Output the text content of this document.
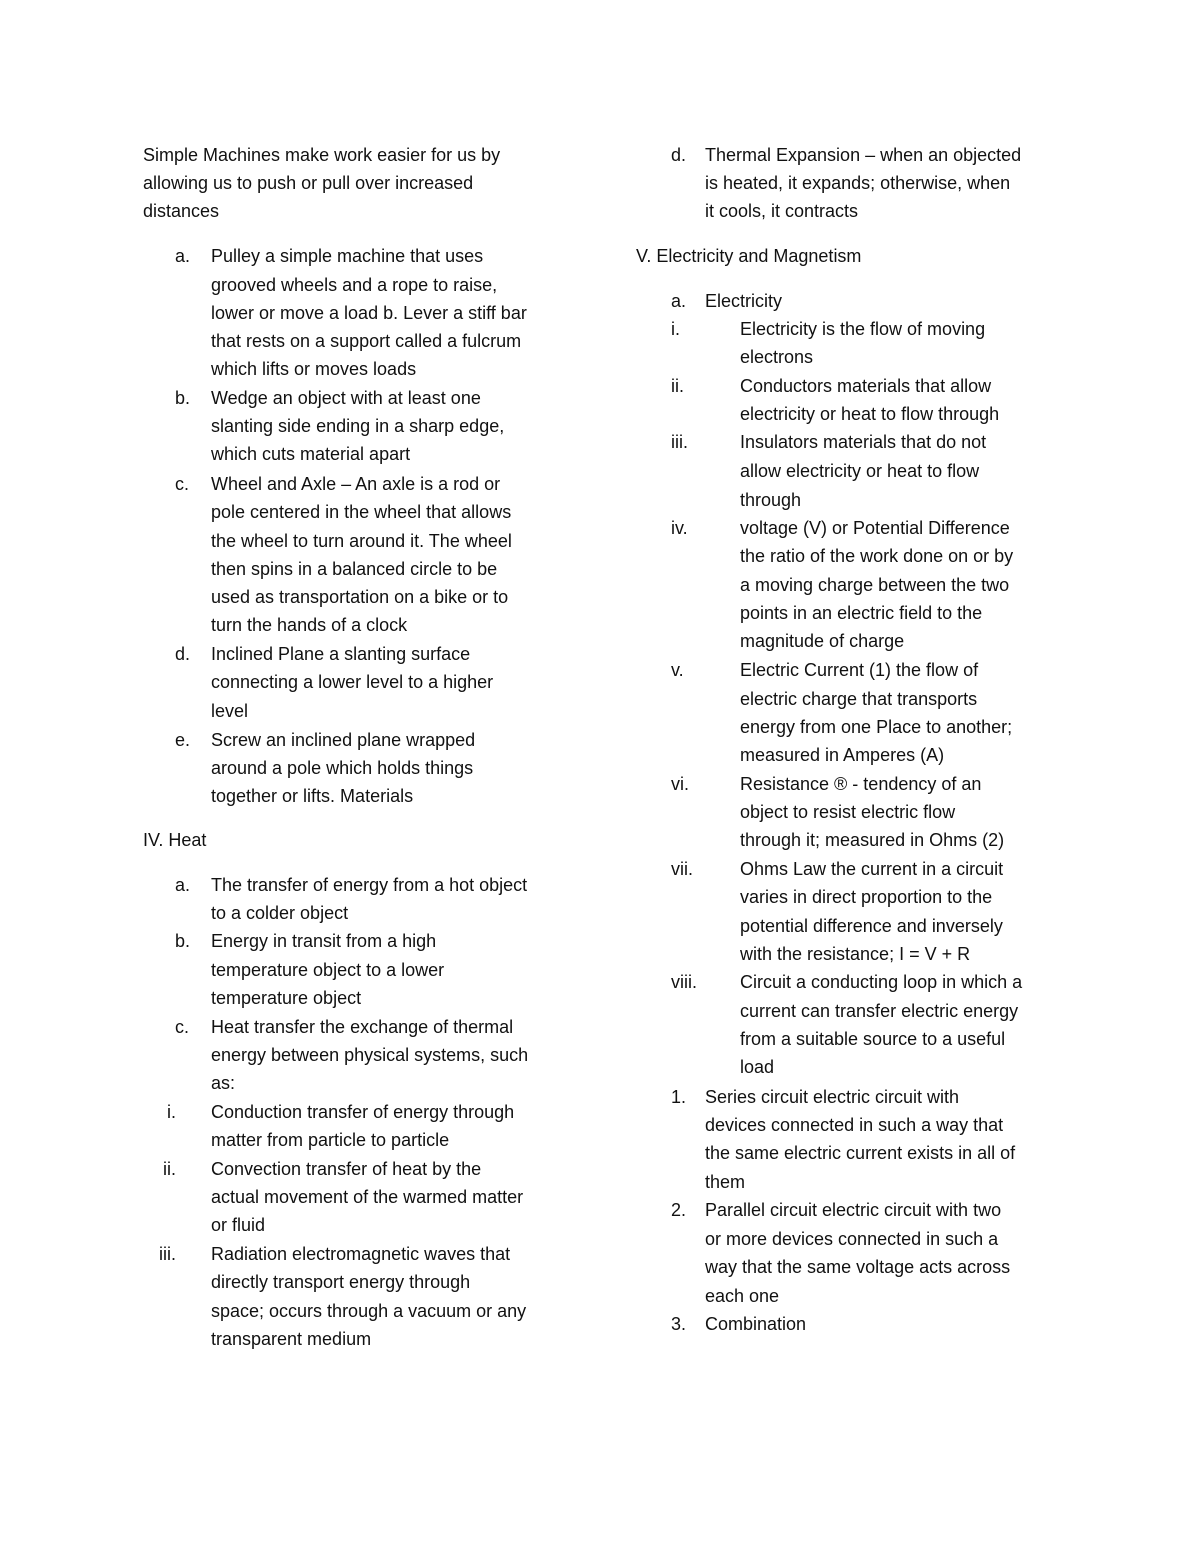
Simple Machines make work easier for us by
allowing us to push or pull over increased
distances
a. Pulley a simple machine that uses
grooved wheels and a rope to raise,
lower or move a load b. Lever a stiff bar
that rests on a support called a fulcrum
which lifts or moves loads
b. Wedge an object with at least one
slanting side ending in a sharp edge,
which cuts material apart
c. Wheel and Axle – An axle is a rod or
pole centered in the wheel that allows
the wheel to turn around it. The wheel
then spins in a balanced circle to be
used as transportation on a bike or to
turn the hands of a clock
d. Inclined Plane a slanting surface
connecting a lower level to a higher
level
e. Screw an inclined plane wrapped
around a pole which holds things
together or lifts. Materials
IV. Heat
a. The transfer of energy from a hot object
to a colder object
b. Energy in transit from a high
temperature object to a lower
temperature object
c. Heat transfer the exchange of thermal
energy between physical systems, such
as:
i. Conduction transfer of energy through
matter from particle to particle
ii. Convection transfer of heat by the
actual movement of the warmed matter
or fluid
iii. Radiation electromagnetic waves that
directly transport energy through
space; occurs through a vacuum or any
transparent medium
d. Thermal Expansion – when an objected
is heated, it expands; otherwise, when
it cools, it contracts
V. Electricity and Magnetism
a. Electricity
i.	Electricity is the flow of moving
electrons
ii.	Conductors materials that allow
electricity or heat to flow through
iii.	Insulators materials that do not
allow electricity or heat to flow
through
iv.	voltage (V) or Potential Difference
the ratio of the work done on or by
a moving charge between the two
points in an electric field to the
magnitude of charge
v.	Electric Current (1) the flow of
electric charge that transports
energy from one Place to another;
measured in Amperes (A)
vi.	Resistance ® - tendency of an
object to resist electric flow
through it; measured in Ohms (2)
vii.	Ohms Law the current in a circuit
varies in direct proportion to the
potential difference and inversely
with the resistance; I = V + R
viii. Circuit a conducting loop in which a
current can transfer electric energy
from a suitable source to a useful
load
1. Series circuit electric circuit with
devices connected in such a way that
the same electric current exists in all of
them
2. Parallel circuit electric circuit with two
or more devices connected in such a
way that the same voltage acts across
each one
3. Combination
